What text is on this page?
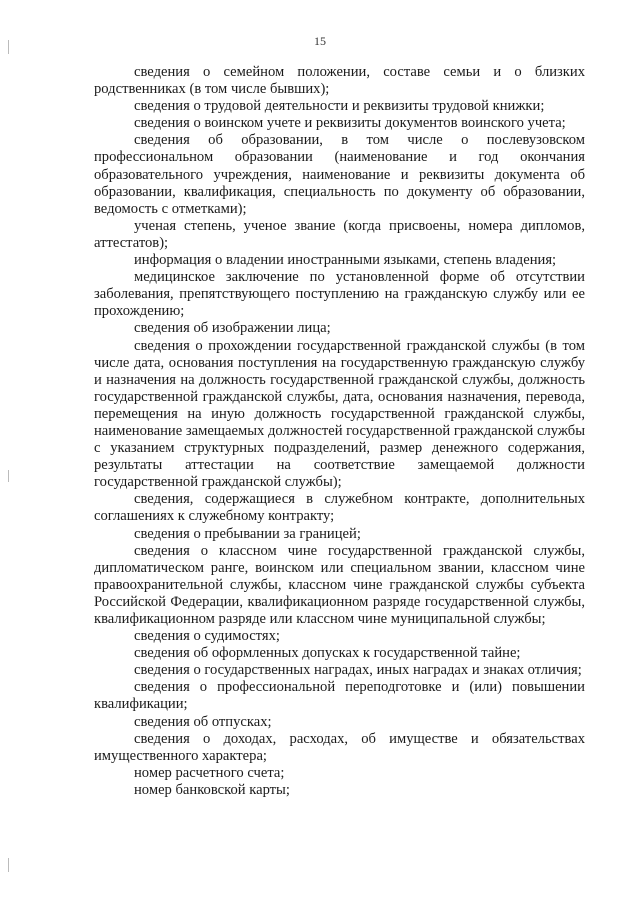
15

сведения о семейном положении, составе семьи и о близких родственниках (в том числе бывших);

сведения о трудовой деятельности и реквизиты трудовой книжки;

сведения о воинском учете и реквизиты документов воинского учета;

сведения об образовании, в том числе о послевузовском профессиональном образовании (наименование и год окончания образовательного учреждения, наименование и реквизиты документа об образовании, квалификация, специальность по документу об образовании, ведомость с отметками);

ученая степень, ученое звание (когда присвоены, номера дипломов, аттестатов);

информация о владении иностранными языками, степень владения;

медицинское заключение по установленной форме об отсутствии заболевания, препятствующего поступлению на гражданскую службу или ее прохождению;

сведения об изображении лица;

сведения о прохождении государственной гражданской службы (в том числе дата, основания поступления на государственную гражданскую службу и назначения на должность государственной гражданской службы, должность государственной гражданской службы, дата, основания назначения, перевода, перемещения на иную должность государственной гражданской службы, наименование замещаемых должностей государственной гражданской службы с указанием структурных подразделений, размер денежного содержания, результаты аттестации на соответствие замещаемой должности государственной гражданской службы);

сведения, содержащиеся в служебном контракте, дополнительных соглашениях к служебному контракту;

сведения о пребывании за границей;

сведения о классном чине государственной гражданской службы, дипломатическом ранге, воинском или специальном звании, классном чине правоохранительной службы, классном чине гражданской службы субъекта Российской Федерации, квалификационном разряде государственной службы, квалификационном разряде или классном чине муниципальной службы;

сведения о судимостях;

сведения об оформленных допусках к государственной тайне;

сведения о государственных наградах, иных наградах и знаках отличия;

сведения о профессиональной переподготовке и (или) повышении квалификации;

сведения об отпусках;

сведения о доходах, расходах, об имуществе и обязательствах имущественного характера;

номер расчетного счета;

номер банковской карты;
